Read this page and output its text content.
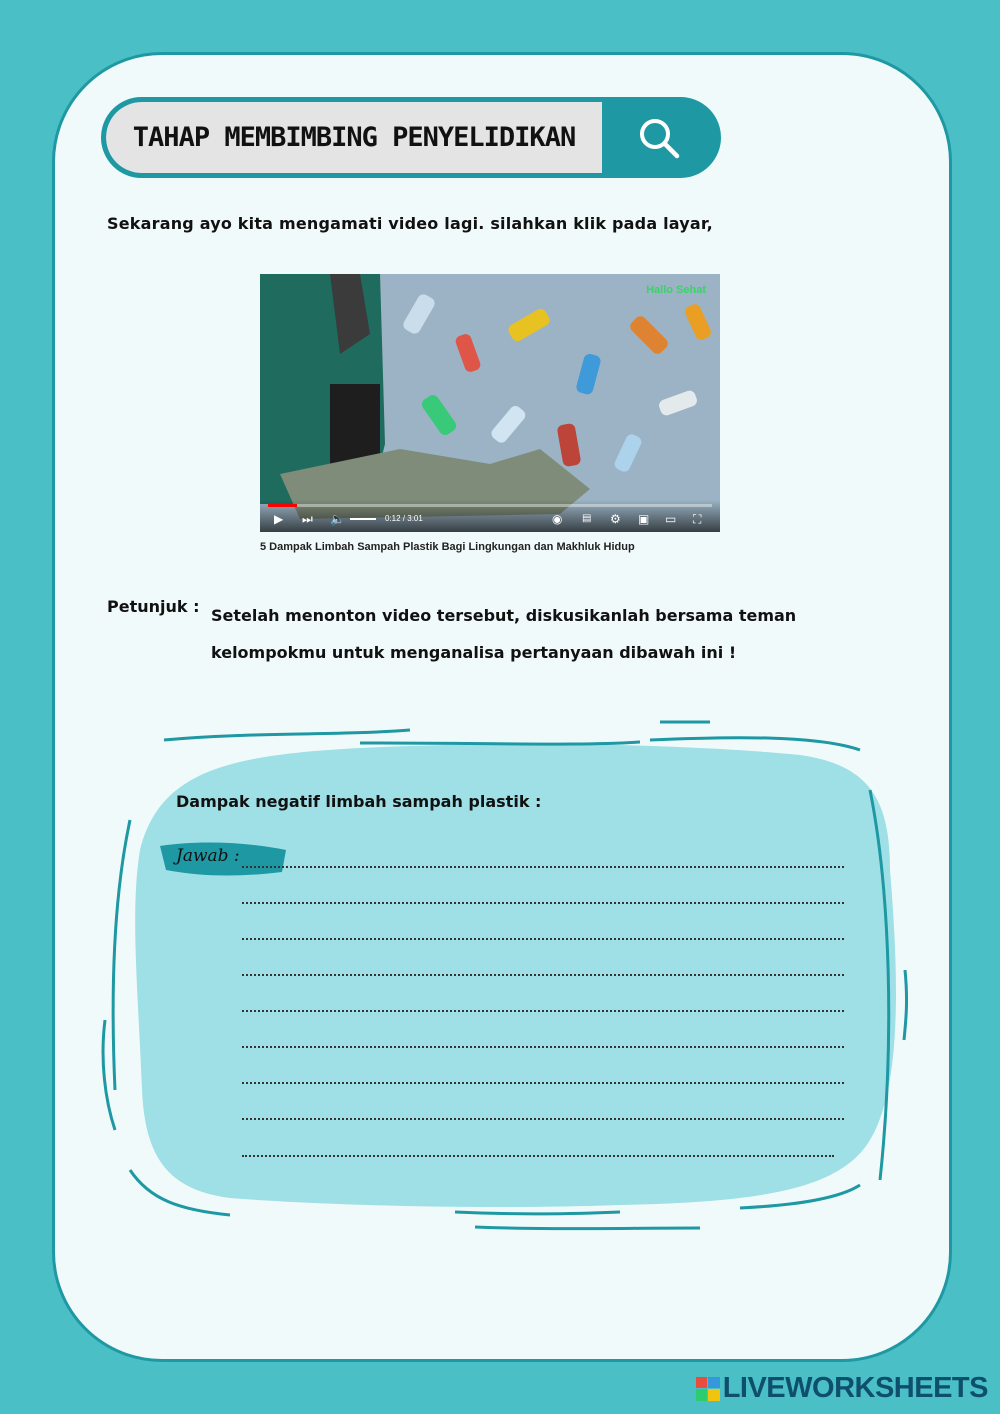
TAHAP MEMBIMBING PENYELIDIKAN
Sekarang ayo kita mengamati video lagi. silahkan klik pada layar,
Hallo Sehat
▶ ⏭ 🔈	0:12 / 3:01	◉ ▤ ⚙ ▣ ▭ ⛶
5 Dampak Limbah Sampah Plastik Bagi Lingkungan dan Makhluk Hidup
Petunjuk : Setelah menonton video tersebut, diskusikanlah bersama teman kelompokmu untuk menganalisa pertanyaan dibawah ini !
Dampak negatif limbah sampah plastik :
Jawab :
LIVEWORKSHEETS
